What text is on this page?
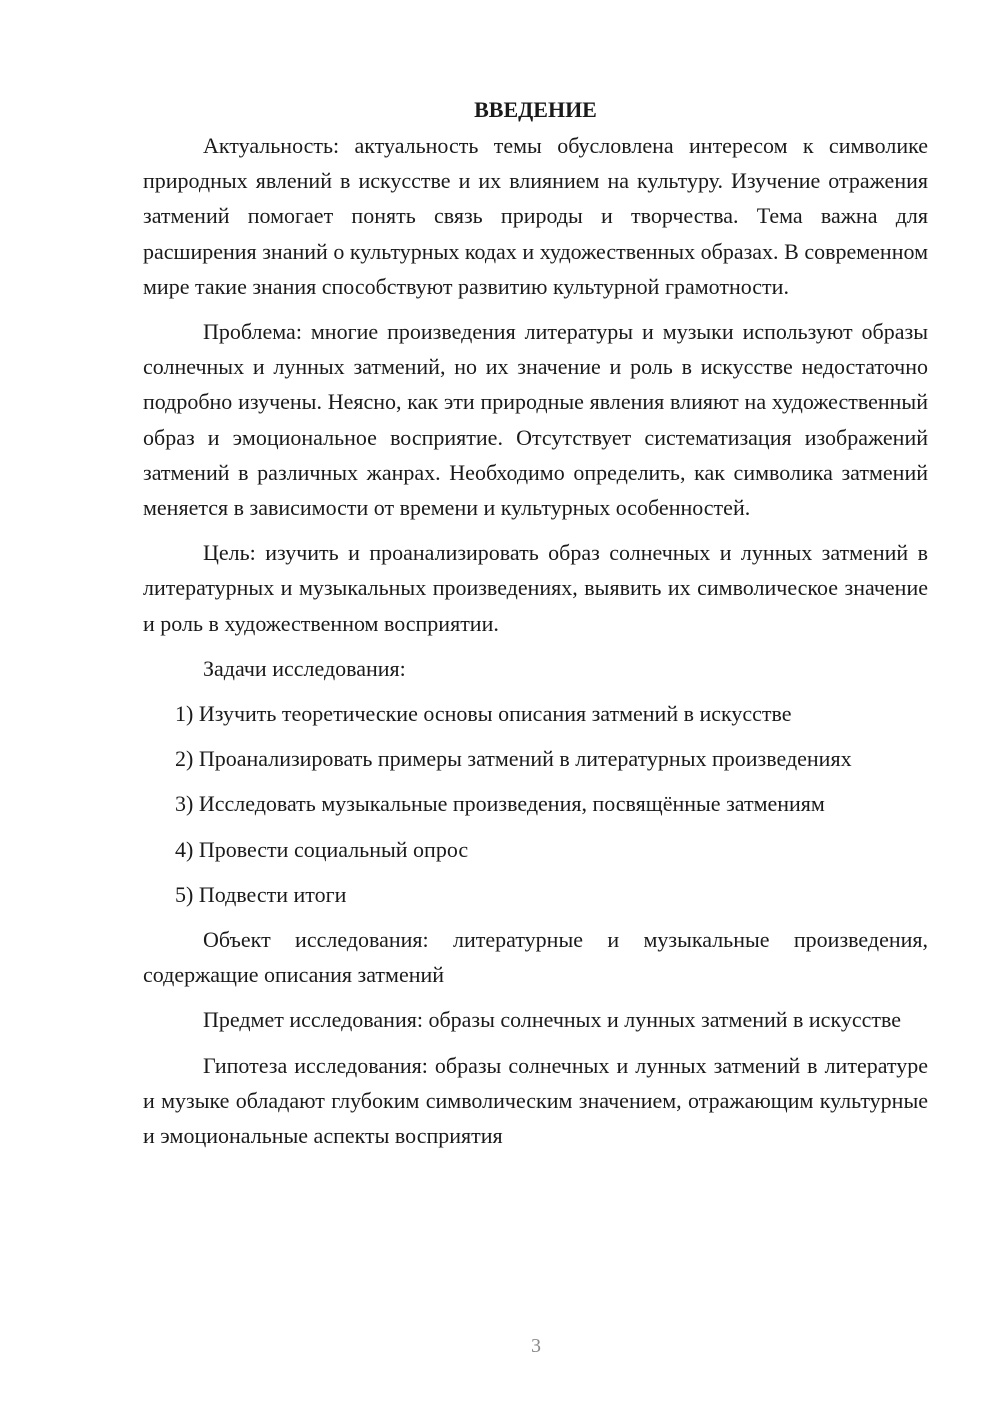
ВВЕДЕНИЕ

Актуальность: актуальность темы обусловлена интересом к символике природных явлений в искусстве и их влиянием на культуру. Изучение отражения затмений помогает понять связь природы и творчества. Тема важна для расширения знаний о культурных кодах и художественных образах. В современном мире такие знания способствуют развитию культурной грамотности.

Проблема: многие произведения литературы и музыки используют образы солнечных и лунных затмений, но их значение и роль в искусстве недостаточно подробно изучены. Неясно, как эти природные явления влияют на художественный образ и эмоциональное восприятие. Отсутствует систематизация изображений затмений в различных жанрах. Необходимо определить, как символика затмений меняется в зависимости от времени и культурных особенностей.

Цель: изучить и проанализировать образ солнечных и лунных затмений в литературных и музыкальных произведениях, выявить их символическое значение и роль в художественном восприятии.

Задачи исследования:

1) Изучить теоретические основы описания затмений в искусстве

2) Проанализировать примеры затмений в литературных произведениях

3) Исследовать музыкальные произведения, посвящённые затмениям

4) Провести социальный опрос

5) Подвести итоги

Объект исследования: литературные и музыкальные произведения, содержащие описания затмений

Предмет исследования: образы солнечных и лунных затмений в искусстве

Гипотеза исследования: образы солнечных и лунных затмений в литературе и музыке обладают глубоким символическим значением, отражающим культурные и эмоциональные аспекты восприятия

3
